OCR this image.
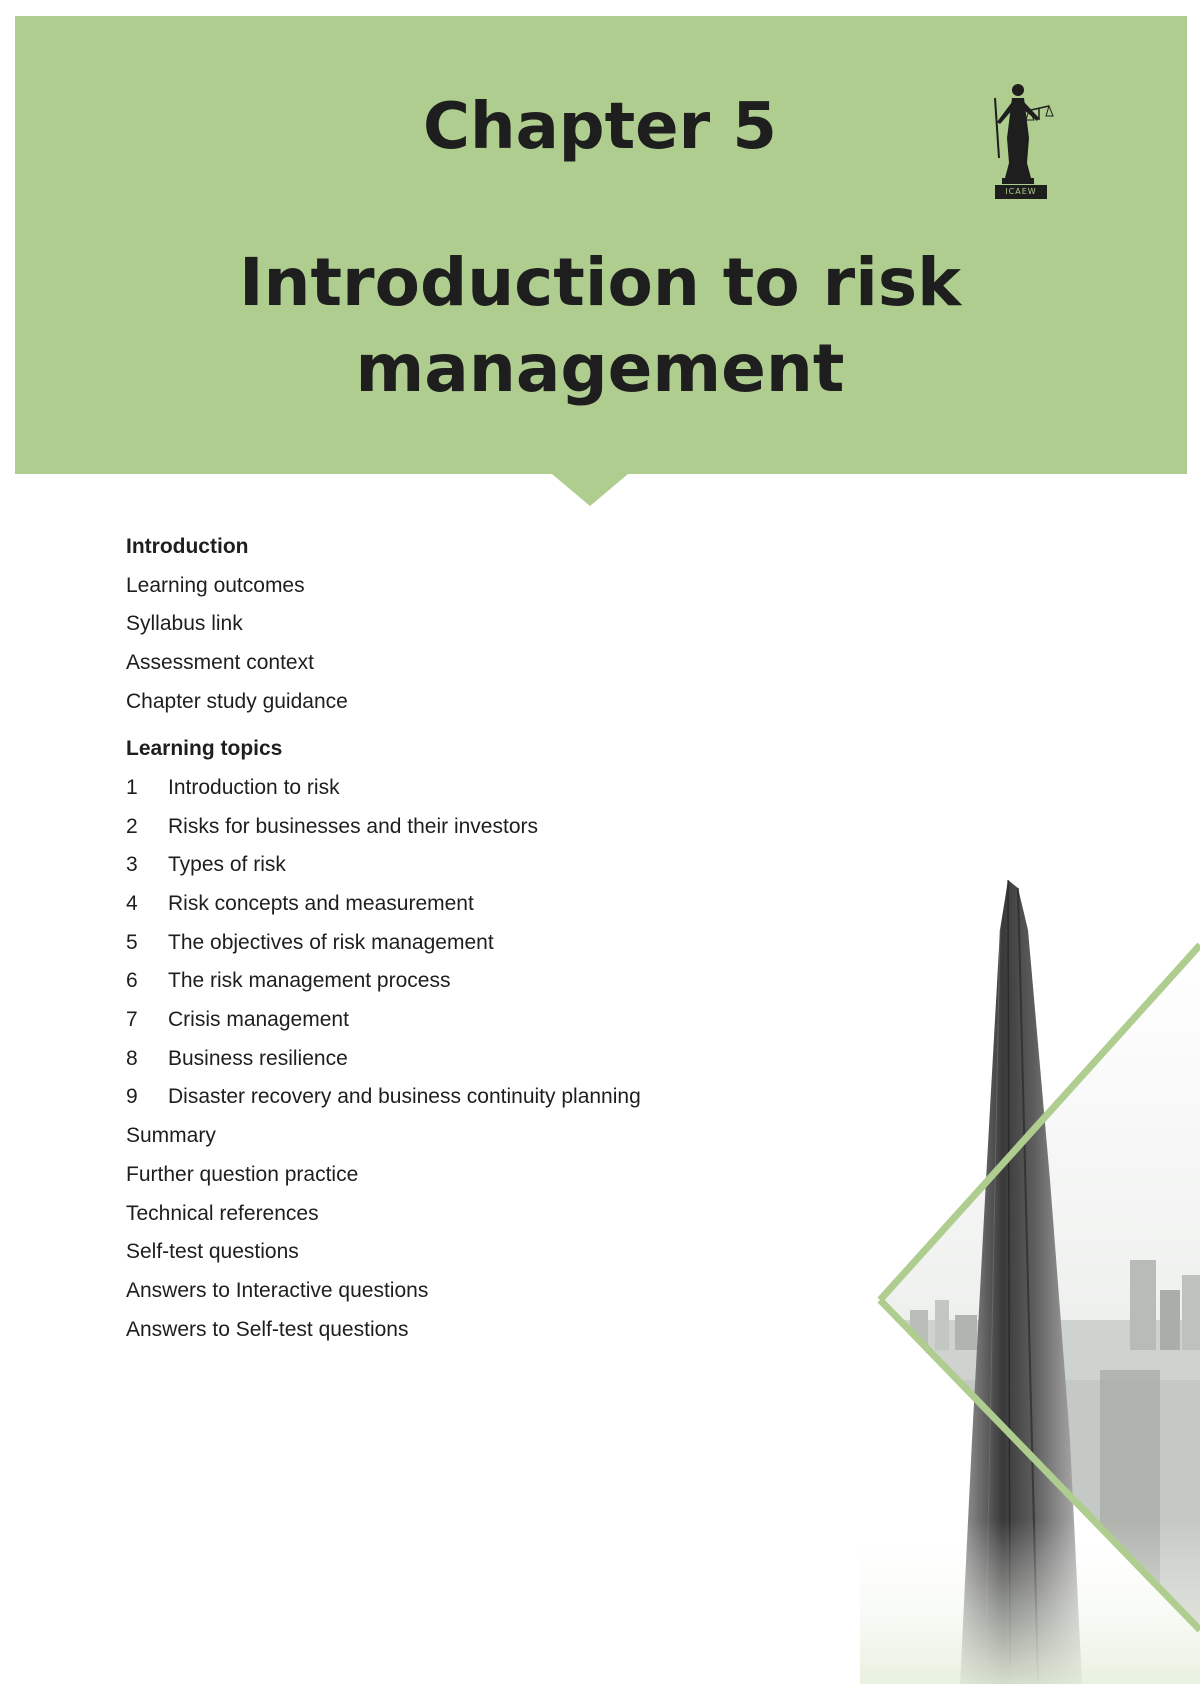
Chapter 5
Introduction to risk
management
ICAEW
Introduction
Learning outcomes
Syllabus link
Assessment context
Chapter study guidance
Learning topics
1 Introduction to risk
2 Risks for businesses and their investors
3 Types of risk
4 Risk concepts and measurement
5 The objectives of risk management
6 The risk management process
7 Crisis management
8 Business resilience
9 Disaster recovery and business continuity planning
Summary
Further question practice
Technical references
Self-test questions
Answers to Interactive questions
Answers to Self-test questions
